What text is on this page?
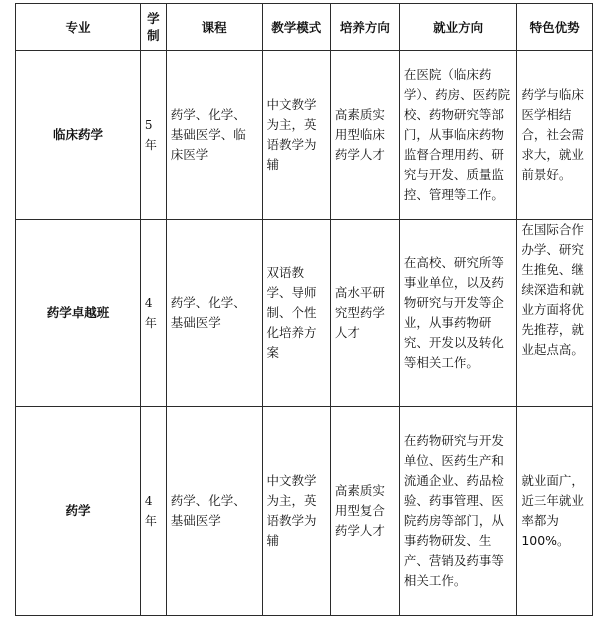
专业	学制	课程	教学模式	培养方向	就业方向	特色优势
临床药学	5年	药学、化学、基础医学、临床医学	中文教学为主，英语教学为辅	高素质实用型临床药学人才	在医院（临床药学）、药房、医药院校、药物研究等部门，从事临床药物监督合理用药、研究与开发、质量监控、管理等工作。	药学与临床医学相结合，社会需求大，就业前景好。
药学卓越班	4年	药学、化学、基础医学	双语教学、导师制、个性化培养方案	高水平研究型药学人才	在高校、研究所等事业单位，以及药物研究与开发等企业，从事药物研究、开发以及转化等相关工作。	在国际合作办学、研究生推免、继续深造和就业方面将优先推荐，就业起点高。
药学	4年	药学、化学、基础医学	中文教学为主，英语教学为辅	高素质实用型复合药学人才	在药物研究与开发单位、医药生产和流通企业、药品检验、药事管理、医院药房等部门，从事药物研发、生产、营销及药事等相关工作。	就业面广，近三年就业率都为100%。
